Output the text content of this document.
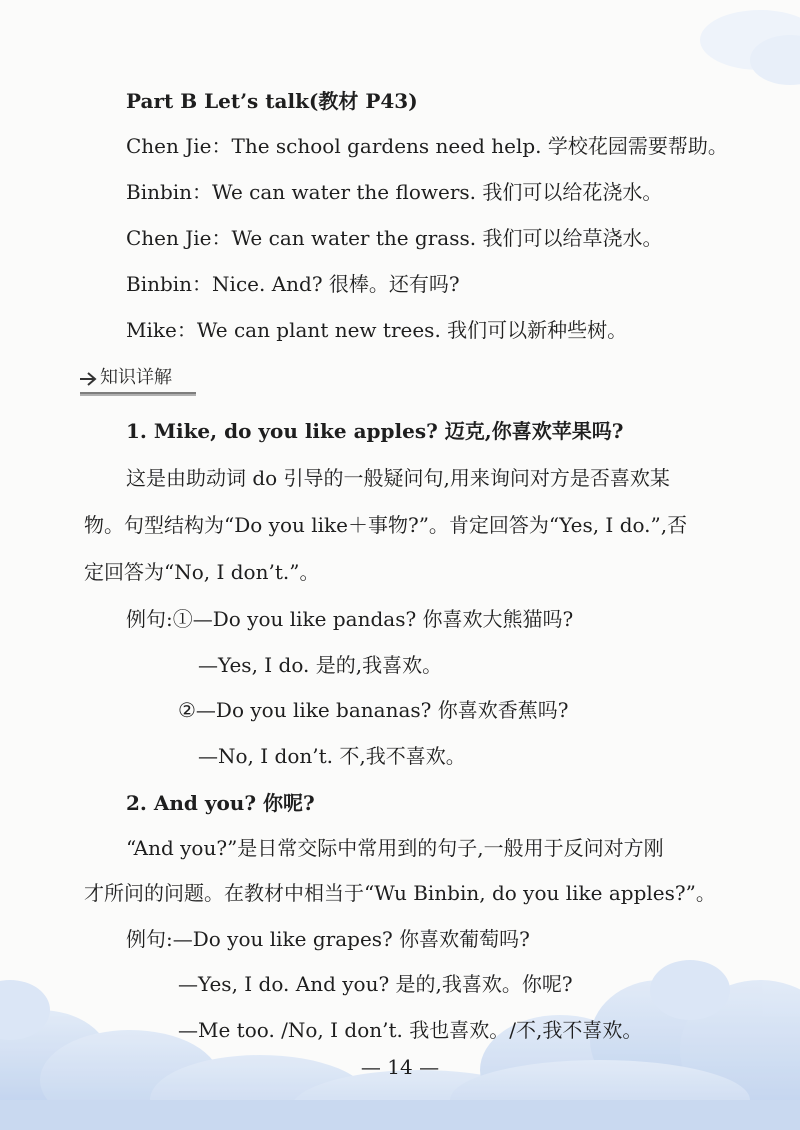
Part B Let’s talk(教材 P43)
Chen Jie：The school gardens need help. 学校花园需要帮助。
Binbin：We can water the flowers. 我们可以给花浇水。
Chen Jie：We can water the grass. 我们可以给草浇水。
Binbin：Nice. And? 很棒。还有吗?
Mike：We can plant new trees. 我们可以新种些树。
知识详解
1. Mike, do you like apples? 迈克,你喜欢苹果吗?
这是由助动词 do 引导的一般疑问句,用来询问对方是否喜欢某
物。句型结构为“Do you like＋事物?”。肯定回答为“Yes, I do.”,否
定回答为“No, I don’t.”。
例句:①—Do you like pandas? 你喜欢大熊猫吗?
—Yes, I do. 是的,我喜欢。
②—Do you like bananas? 你喜欢香蕉吗?
—No, I don’t. 不,我不喜欢。
2. And you? 你呢?
“And you?”是日常交际中常用到的句子,一般用于反问对方刚
才所问的问题。在教材中相当于“Wu Binbin, do you like apples?”。
例句:—Do you like grapes? 你喜欢葡萄吗?
—Yes, I do. And you? 是的,我喜欢。你呢?
—Me too. /No, I don’t. 我也喜欢。/不,我不喜欢。
— 14 —
